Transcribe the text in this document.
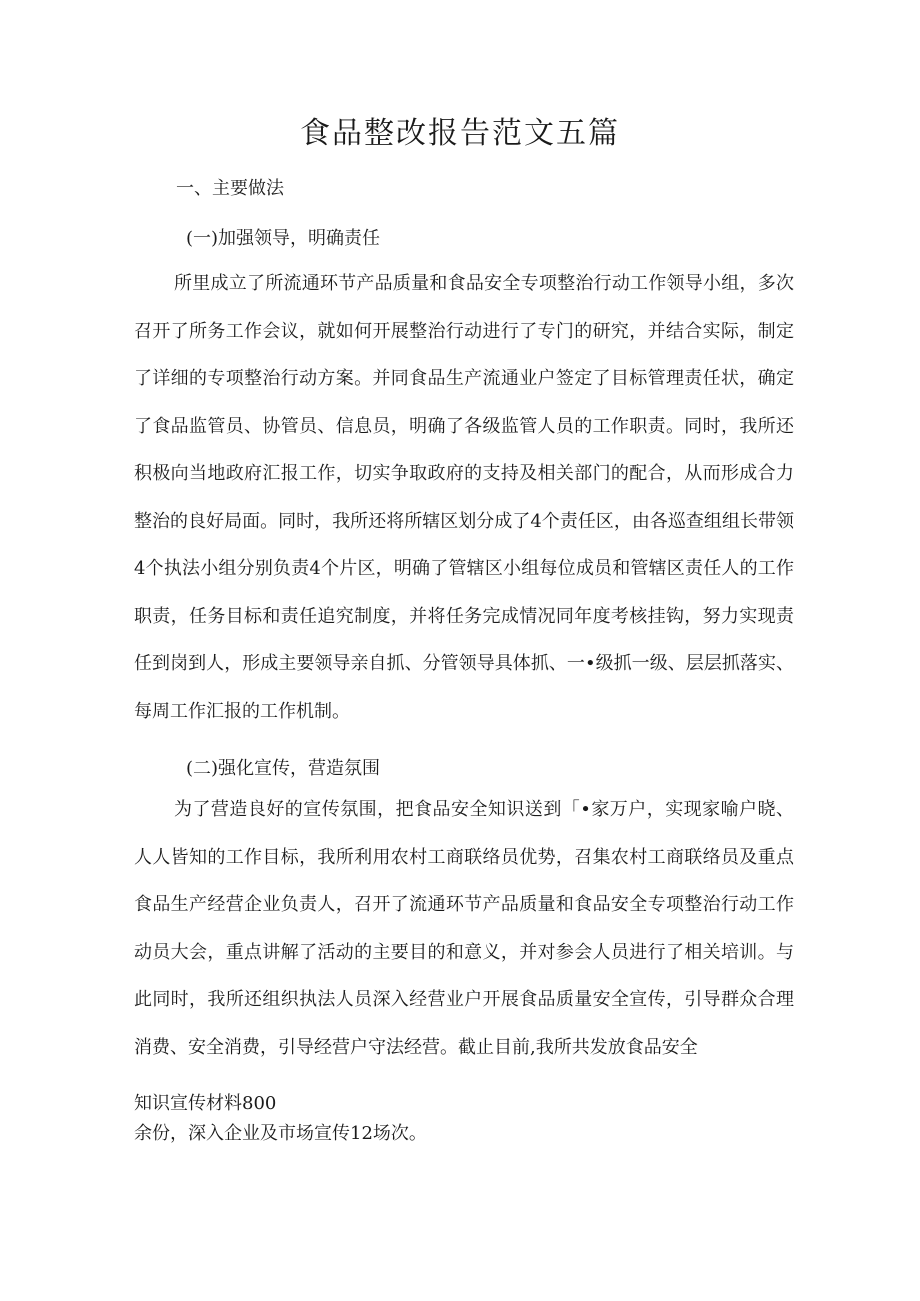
食品整改报告范文五篇
一、主要做法
(一)加强领导，明确责任

所里成立了所流通环节产品质量和食品安全专项整治行动工作领导小组，多次召开了所务工作会议，就如何开展整治行动进行了专门的研究，并结合实际，制定了详细的专项整治行动方案。并同食品生产流通业户签定了目标管理责任状，确定了食品监管员、协管员、信息员，明确了各级监管人员的工作职责。同时，我所还积极向当地政府汇报工作，切实争取政府的支持及相关部门的配合，从而形成合力整治的良好局面。同时，我所还将所辖区划分成了4个责任区，由各巡查组组长带领4个执法小组分别负责4个片区，明确了管辖区小组每位成员和管辖区责任人的工作职责，任务目标和责任追究制度，并将任务完成情况同年度考核挂钩，努力实现责任到岗到人，形成主要领导亲自抓、分管领导具体抓、一•级抓一级、层层抓落实、每周工作汇报的工作机制。

(二)强化宣传，营造氛围

为了营造良好的宣传氛围，把食品安全知识送到「•家万户，实现家喻户晓、人人皆知的工作目标，我所利用农村工商联络员优势，召集农村工商联络员及重点食品生产经营企业负责人，召开了流通环节产品质量和食品安全专项整治行动工作动员大会，重点讲解了活动的主要目的和意义，并对参会人员进行了相关培训。与此同时，我所还组织执法人员深入经营业户开展食品质量安全宣传，引导群众合理消费、安全消费，引导经营户守法经营。截止目前,我所共发放食品安全

知识宣传材料800
余份，深入企业及市场宣传12场次。
